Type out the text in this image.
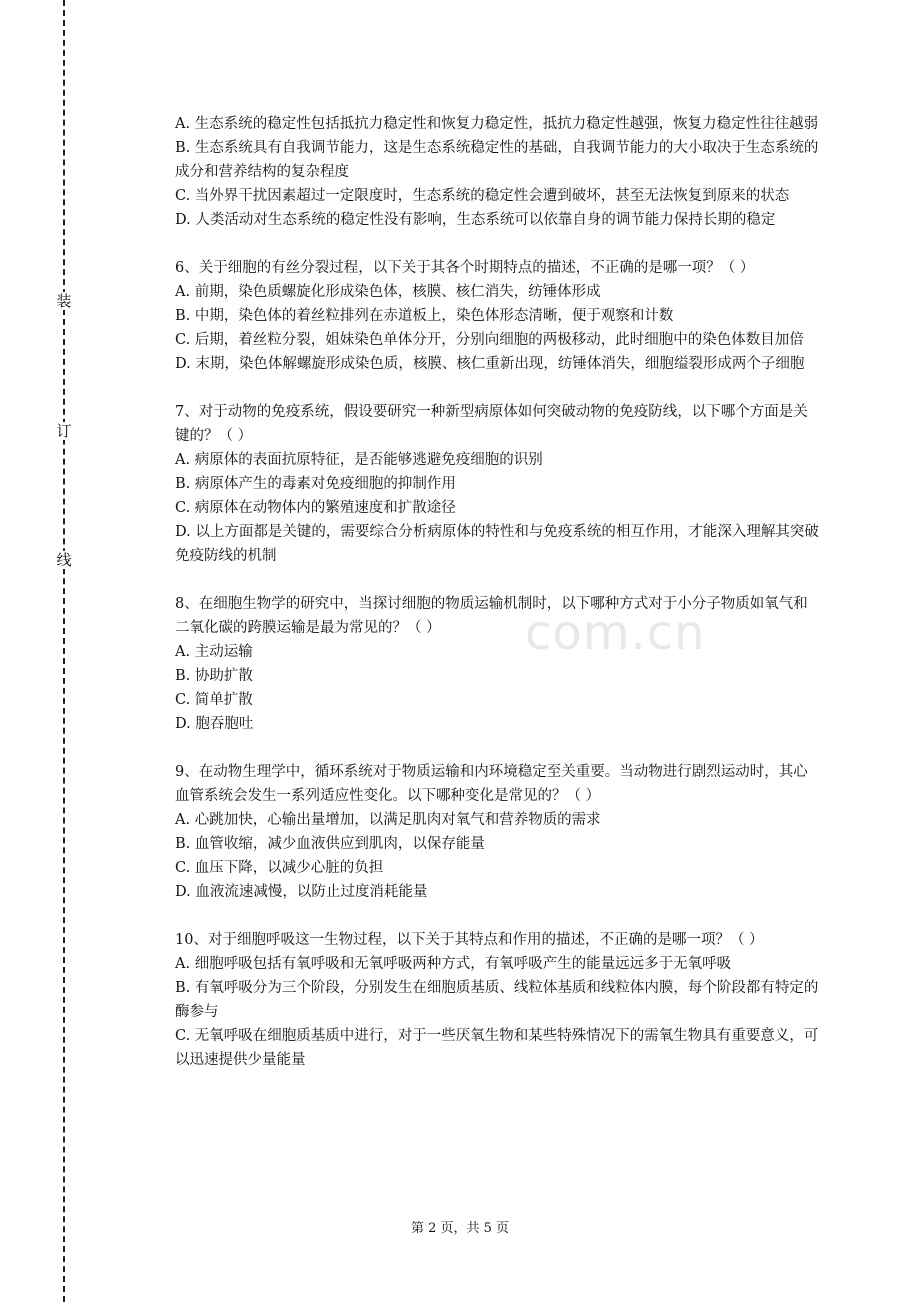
装
订
线
com.cn

A. 生态系统的稳定性包括抵抗力稳定性和恢复力稳定性，抵抗力稳定性越强，恢复力稳定性往往越弱

B. 生态系统具有自我调节能力，这是生态系统稳定性的基础，自我调节能力的大小取决于生态系统的成分和营养结构的复杂程度

C. 当外界干扰因素超过一定限度时，生态系统的稳定性会遭到破坏，甚至无法恢复到原来的状态

D. 人类活动对生态系统的稳定性没有影响，生态系统可以依靠自身的调节能力保持长期的稳定

6、关于细胞的有丝分裂过程，以下关于其各个时期特点的描述，不正确的是哪一项？（ ）

A. 前期，染色质螺旋化形成染色体，核膜、核仁消失，纺锤体形成

B. 中期，染色体的着丝粒排列在赤道板上，染色体形态清晰，便于观察和计数

C. 后期，着丝粒分裂，姐妹染色单体分开，分别向细胞的两极移动，此时细胞中的染色体数目加倍

D. 末期，染色体解螺旋形成染色质，核膜、核仁重新出现，纺锤体消失，细胞缢裂形成两个子细胞

7、对于动物的免疫系统，假设要研究一种新型病原体如何突破动物的免疫防线，以下哪个方面是关键的？（ ）

A. 病原体的表面抗原特征，是否能够逃避免疫细胞的识别

B. 病原体产生的毒素对免疫细胞的抑制作用

C. 病原体在动物体内的繁殖速度和扩散途径

D. 以上方面都是关键的，需要综合分析病原体的特性和与免疫系统的相互作用，才能深入理解其突破免疫防线的机制

8、在细胞生物学的研究中，当探讨细胞的物质运输机制时，以下哪种方式对于小分子物质如氧气和二氧化碳的跨膜运输是最为常见的？（ ）

A. 主动运输

B. 协助扩散

C. 简单扩散

D. 胞吞胞吐

9、在动物生理学中，循环系统对于物质运输和内环境稳定至关重要。当动物进行剧烈运动时，其心血管系统会发生一系列适应性变化。以下哪种变化是常见的？（ ）

A. 心跳加快，心输出量增加，以满足肌肉对氧气和营养物质的需求

B. 血管收缩，减少血液供应到肌肉，以保存能量

C. 血压下降，以减少心脏的负担

D. 血液流速减慢，以防止过度消耗能量

10、对于细胞呼吸这一生物过程，以下关于其特点和作用的描述，不正确的是哪一项？（ ）

A. 细胞呼吸包括有氧呼吸和无氧呼吸两种方式，有氧呼吸产生的能量远远多于无氧呼吸

B. 有氧呼吸分为三个阶段，分别发生在细胞质基质、线粒体基质和线粒体内膜，每个阶段都有特定的酶参与

C. 无氧呼吸在细胞质基质中进行，对于一些厌氧生物和某些特殊情况下的需氧生物具有重要意义，可以迅速提供少量能量

第 2 页，共 5 页
